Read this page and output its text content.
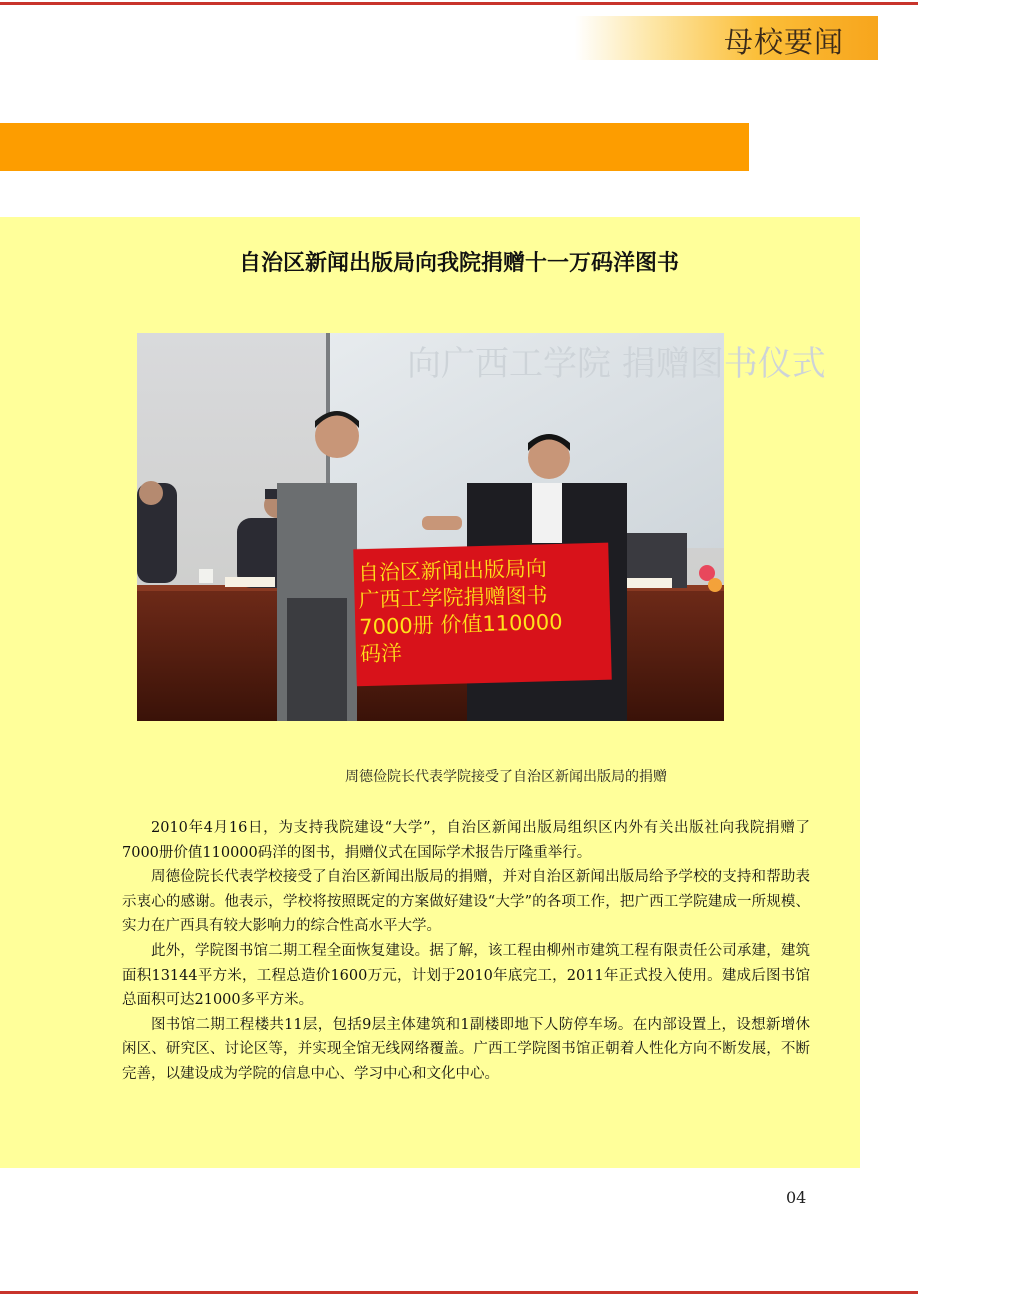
母校要闻
自治区新闻出版局向我院捐赠十一万码洋图书
向广西工学院 捐赠图书仪式
自治区新闻出版局向
广西工学院捐赠图书
7000册 价值110000
码洋
周德俭院长代表学院接受了自治区新闻出版局的捐赠

2010年4月16日，为支持我院建设“大学”，自治区新闻出版局组织区内外有关出版社向我院捐赠了7000册价值110000码洋的图书，捐赠仪式在国际学术报告厅隆重举行。

周德俭院长代表学校接受了自治区新闻出版局的捐赠，并对自治区新闻出版局给予学校的支持和帮助表示衷心的感谢。他表示，学校将按照既定的方案做好建设“大学”的各项工作，把广西工学院建成一所规模、实力在广西具有较大影响力的综合性高水平大学。

此外，学院图书馆二期工程全面恢复建设。据了解，该工程由柳州市建筑工程有限责任公司承建，建筑面积13144平方米，工程总造价1600万元，计划于2010年底完工，2011年正式投入使用。建成后图书馆总面积可达21000多平方米。

图书馆二期工程楼共11层，包括9层主体建筑和1副楼即地下人防停车场。在内部设置上，设想新增休闲区、研究区、讨论区等，并实现全馆无线网络覆盖。广西工学院图书馆正朝着人性化方向不断发展，不断完善，以建设成为学院的信息中心、学习中心和文化中心。

04
